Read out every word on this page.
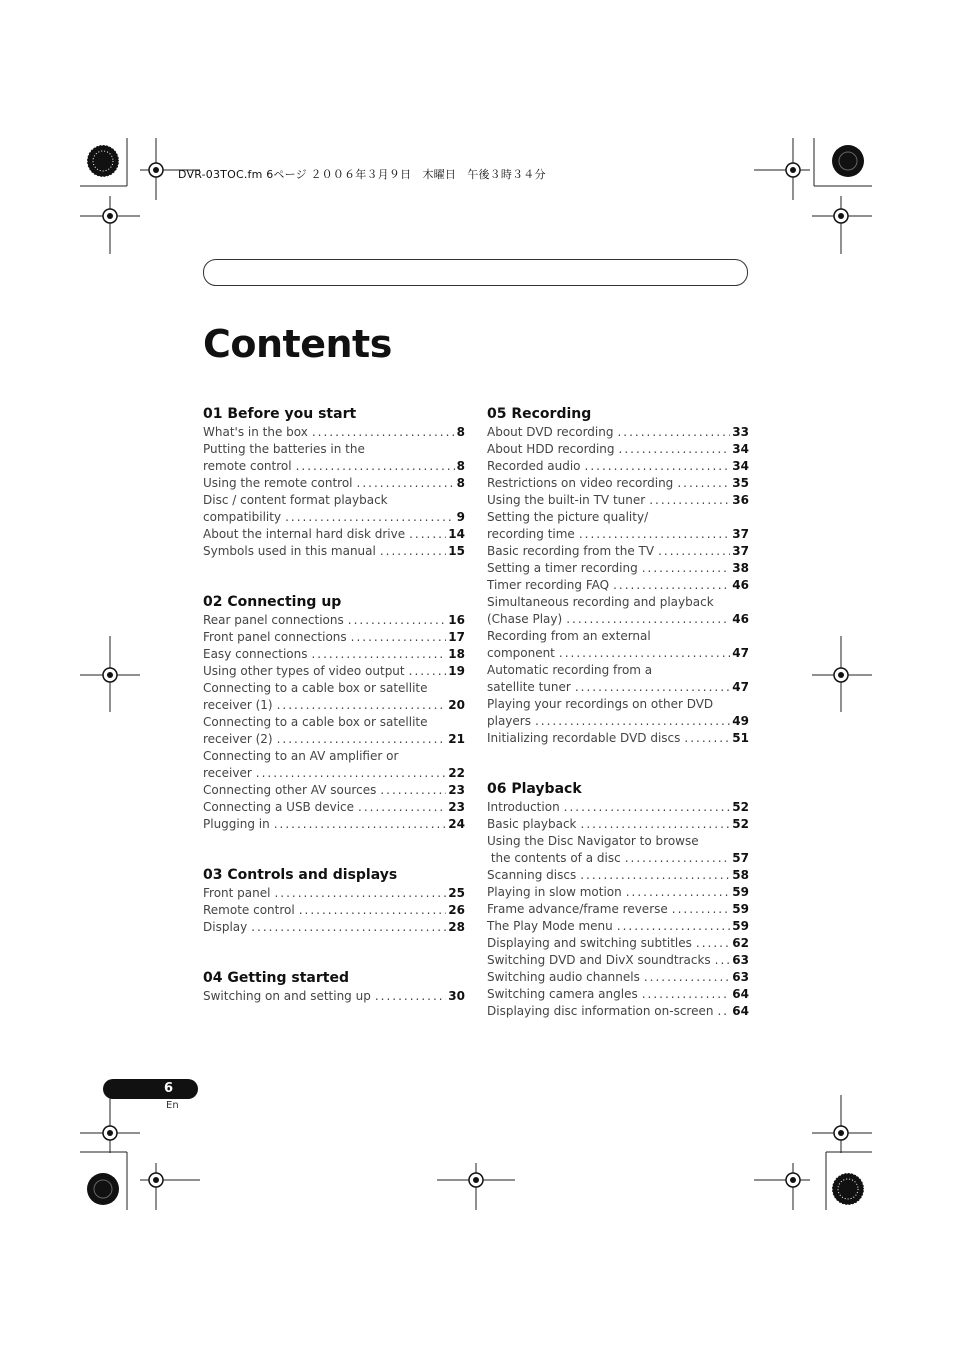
DVR-03TOC.fm 6ページ ２００６年３月９日　木曜日　午後３時３４分
Contents
01 Before you start
What's in the box .....	8
Putting the batteries in the
remote control .....	8
Using the remote control .....	8
Disc / content format playback
compatibility .....	9
About the internal hard disk drive .....	14
Symbols used in this manual .....	15
02 Connecting up
Rear panel connections .....	16
Front panel connections .....	17
Easy connections .....	18
Using other types of video output .....	19
Connecting to a cable box or satellite
receiver (1) .....	20
Connecting to a cable box or satellite
receiver (2) .....	21
Connecting to an AV amplifier or
receiver .....	22
Connecting other AV sources .....	23
Connecting a USB device .....	23
Plugging in .....	24
03 Controls and displays
Front panel .....	25
Remote control .....	26
Display .....	28
04 Getting started
Switching on and setting up .....	30
05 Recording
About DVD recording .....	33
About HDD recording .....	34
Recorded audio .....	34
Restrictions on video recording .....	35
Using the built-in TV tuner .....	36
Setting the picture quality/
recording time .....	37
Basic recording from the TV .....	37
Setting a timer recording .....	38
Timer recording FAQ .....	46
Simultaneous recording and playback
(Chase Play) .....	46
Recording from an external
component .....	47
Automatic recording from a
satellite tuner .....	47
Playing your recordings on other DVD
players .....	49
Initializing recordable DVD discs .....	51
06 Playback
Introduction .....	52
Basic playback .....	52
Using the Disc Navigator to browse
the contents of a disc .....	57
Scanning discs .....	58
Playing in slow motion .....	59
Frame advance/frame reverse .....	59
The Play Mode menu .....	59
Displaying and switching subtitles .....	62
Switching DVD and DivX soundtracks ..... 63
Switching audio channels .....	63
Switching camera angles .....	64
Displaying disc information on-screen ..... 64
6
En
